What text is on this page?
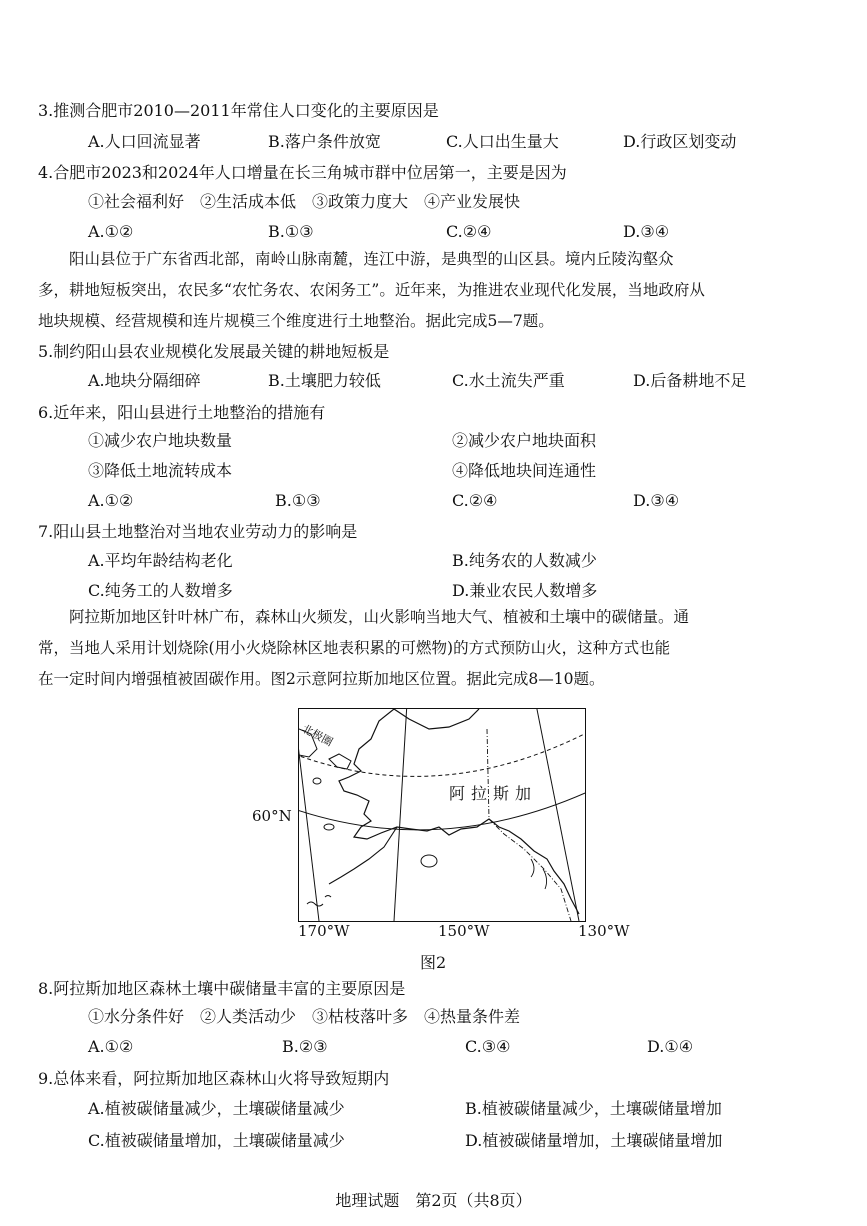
3.推测合肥市2010—2011年常住人口变化的主要原因是
A.人口回流显著	B.落户条件放宽	C.人口出生量大	D.行政区划变动
4.合肥市2023和2024年人口增量在长三角城市群中位居第一，主要是因为
①社会福利好　②生活成本低　③政策力度大　④产业发展快
A.①②	B.①③	C.②④	D.③④
　　阳山县位于广东省西北部，南岭山脉南麓，连江中游，是典型的山区县。境内丘陵沟壑众
多，耕地短板突出，农民多“农忙务农、农闲务工”。近年来，为推进农业现代化发展，当地政府从
地块规模、经营规模和连片规模三个维度进行土地整治。据此完成5—7题。
5.制约阳山县农业规模化发展最关键的耕地短板是
A.地块分隔细碎	B.土壤肥力较低	C.水土流失严重	D.后备耕地不足
6.近年来，阳山县进行土地整治的措施有
①减少农户地块数量	②减少农户地块面积
③降低土地流转成本	④降低地块间连通性
A.①②	B.①③	C.②④	D.③④
7.阳山县土地整治对当地农业劳动力的影响是
A.平均年龄结构老化	B.纯务农的人数减少
C.纯务工的人数增多	D.兼业农民人数增多
　　阿拉斯加地区针叶林广布，森林山火频发，山火影响当地大气、植被和土壤中的碳储量。通
常，当地人采用计划烧除(用小火烧除林区地表积累的可燃物)的方式预防山火，这种方式也能
在一定时间内增强植被固碳作用。图2示意阿拉斯加地区位置。据此完成8—10题。
阿拉斯加
北极圈
60°N
170°W	150°W	130°W
图2
8.阿拉斯加地区森林土壤中碳储量丰富的主要原因是
①水分条件好　②人类活动少　③枯枝落叶多　④热量条件差
A.①②	B.②③	C.③④	D.①④
9.总体来看，阿拉斯加地区森林山火将导致短期内
A.植被碳储量减少，土壤碳储量减少	B.植被碳储量减少，土壤碳储量增加
C.植被碳储量增加，土壤碳储量减少	D.植被碳储量增加，土壤碳储量增加
地理试题　第2页（共8页）
